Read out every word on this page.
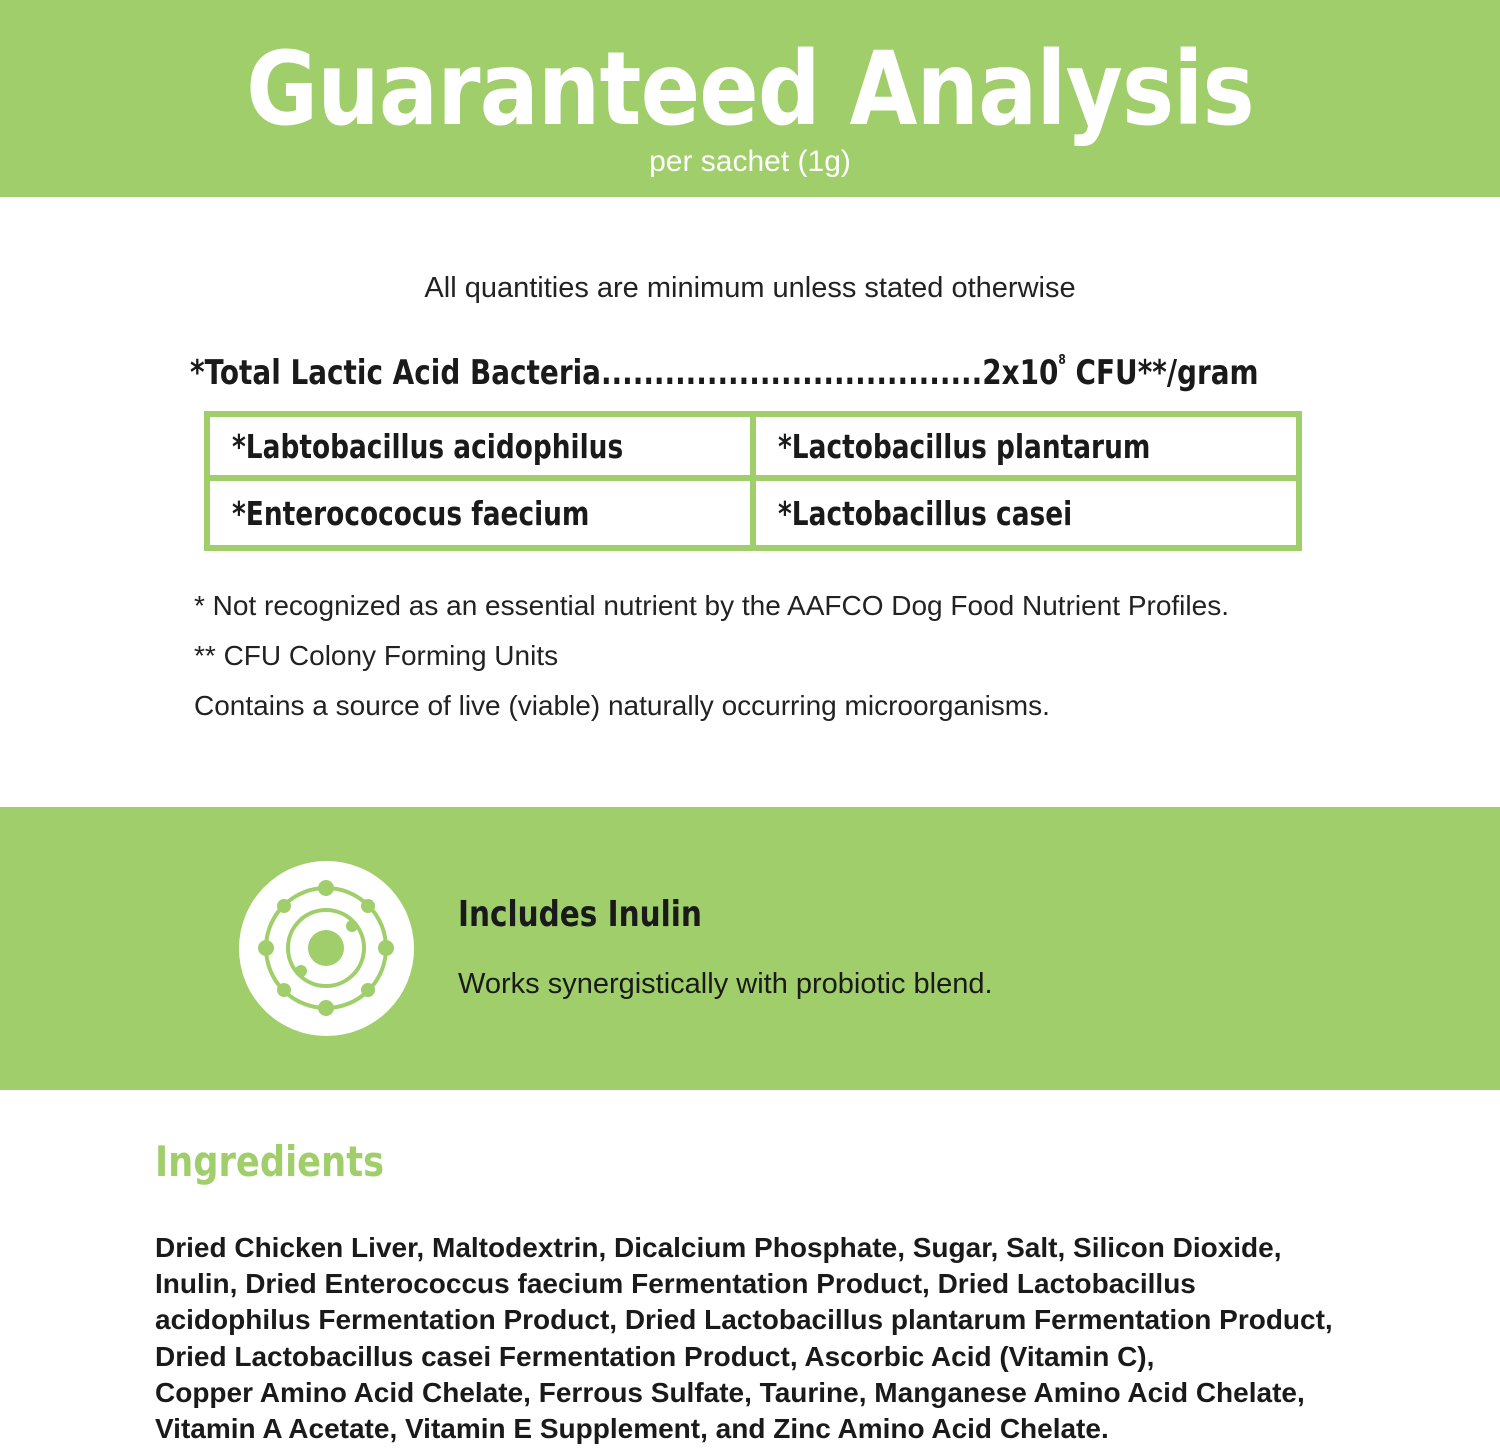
Guaranteed Analysis
per sachet (1g)
All quantities are minimum unless stated otherwise
*Total Lactic Acid $Bacteria....................................2x10^8$ CFU**/gram
*Labtobacillus acidophilus	*Lactobacillus plantarum
*Enterocococus faecium	*Lactobacillus casei
* Not recognized as an essential nutrient by the AAFCO Dog Food Nutrient Profiles.
** CFU Colony Forming Units
Contains a source of live (viable) naturally occurring microorganisms.
Includes Inulin
Works synergistically with probiotic blend.
Ingredients
Dried Chicken Liver, Maltodextrin, Dicalcium Phosphate, Sugar, Salt, Silicon Dioxide,
Inulin, Dried Enterococcus faecium Fermentation Product, Dried Lactobacillus
acidophilus Fermentation Product, Dried Lactobacillus plantarum Fermentation Product,
Dried Lactobacillus casei Fermentation Product, Ascorbic Acid (Vitamin C),
Copper Amino Acid Chelate, Ferrous Sulfate, Taurine, Manganese Amino Acid Chelate,
Vitamin A Acetate, Vitamin E Supplement, and Zinc Amino Acid Chelate.
